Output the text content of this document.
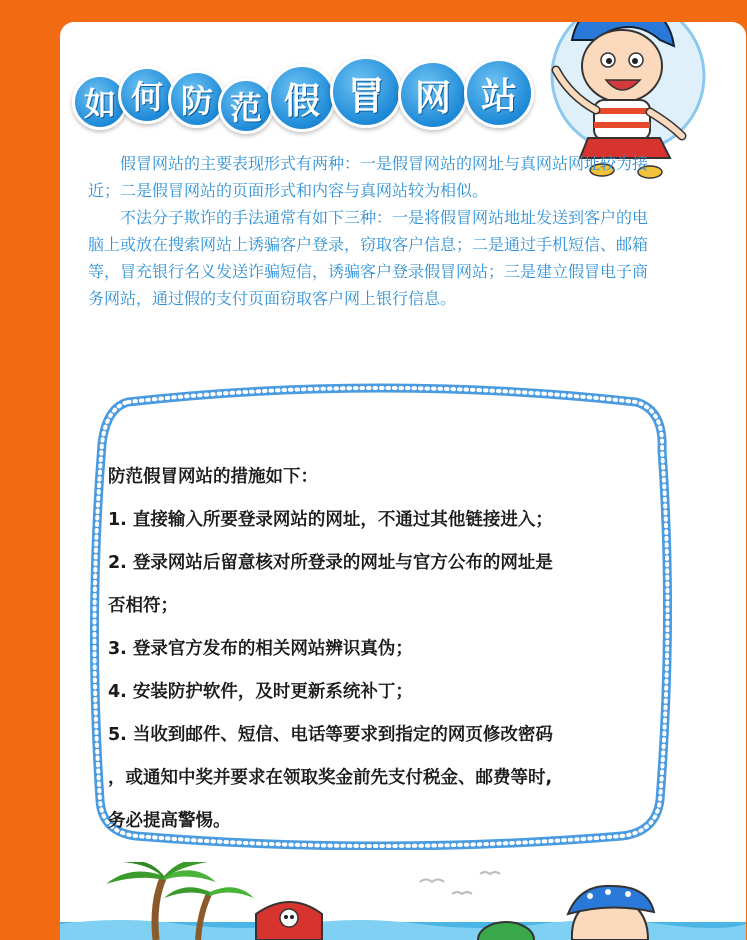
如 何 防 范 假 冒 网 站

假冒网站的主要表现形式有两种：一是假冒网站的网址与真网站网址较为接近；二是假冒网站的页面形式和内容与真网站较为相似。

不法分子欺诈的手法通常有如下三种：一是将假冒网站地址发送到客户的电脑上或放在搜索网站上诱骗客户登录，窃取客户信息；二是通过手机短信、邮箱等，冒充银行名义发送诈骗短信，诱骗客户登录假冒网站；三是建立假冒电子商务网站，通过假的支付页面窃取客户网上银行信息。

防范假冒网站的措施如下：
1. 直接输入所要登录网站的网址，不通过其他链接进入；
2. 登录网站后留意核对所登录的网址与官方公布的网址是
否相符；
3. 登录官方发布的相关网站辨识真伪；
4. 安装防护软件，及时更新系统补丁；
5. 当收到邮件、短信、电话等要求到指定的网页修改密码
，或通知中奖并要求在领取奖金前先支付税金、邮费等时,
务必提高警惕。
